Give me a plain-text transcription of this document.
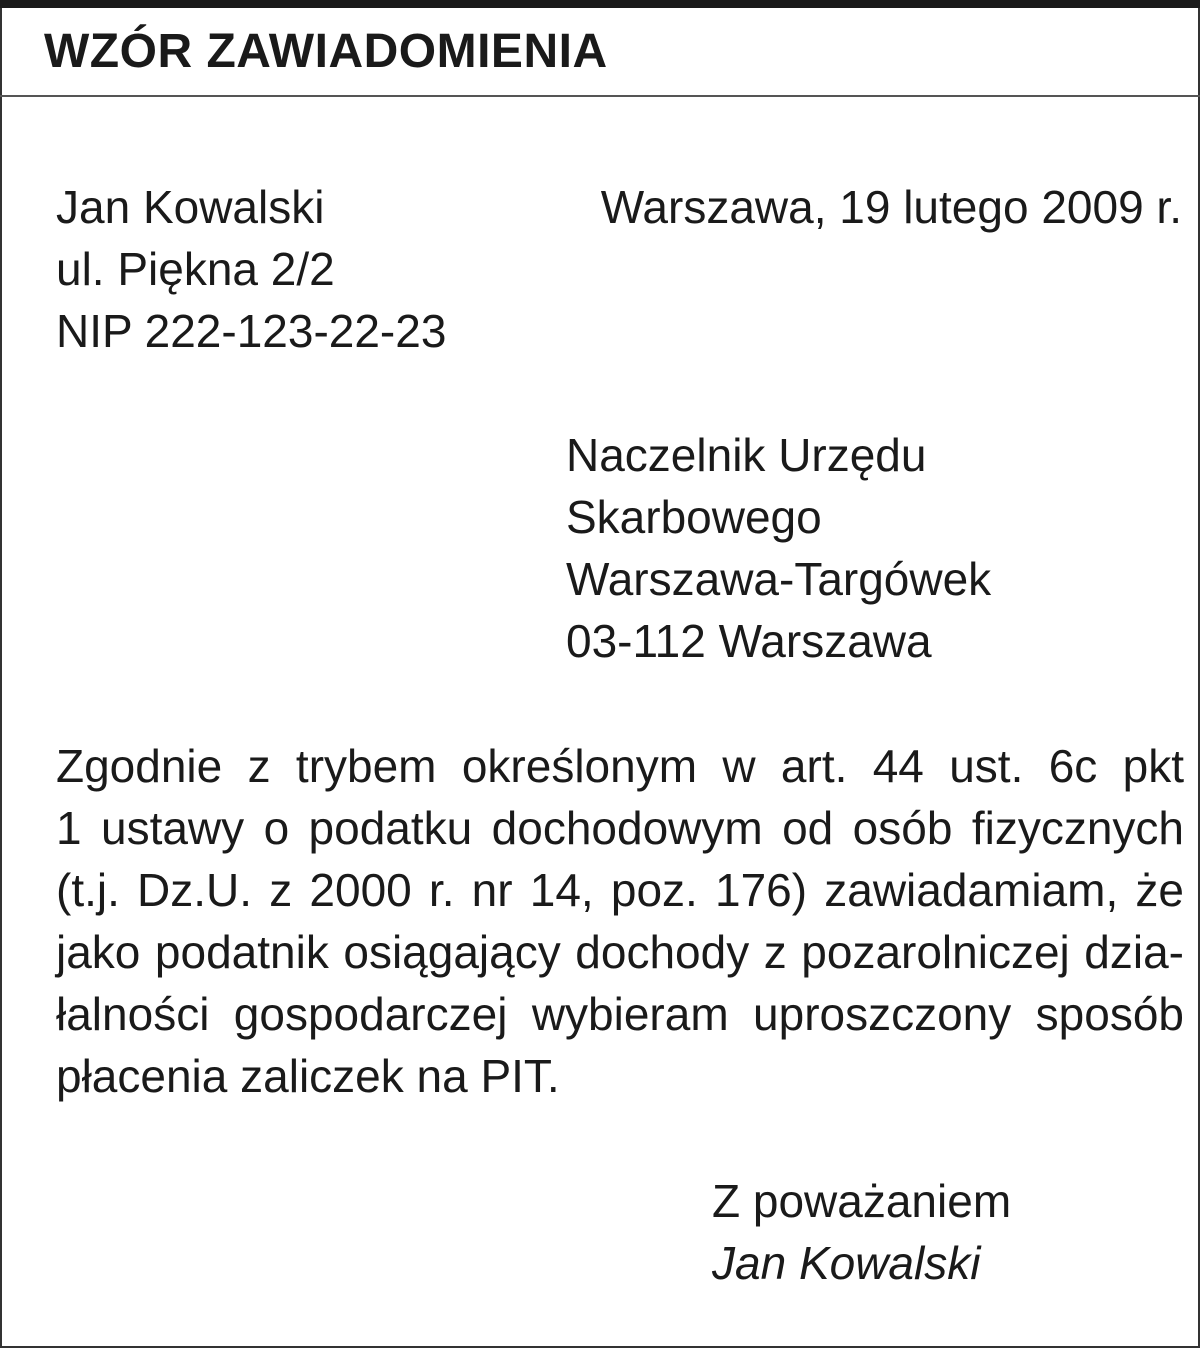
WZÓR ZAWIADOMIENIA
Jan Kowalski
ul. Piękna 2/2
NIP 222-123-22-23
Warszawa, 19 lutego 2009 r.
Naczelnik Urzędu
Skarbowego
Warszawa-Targówek
03-112 Warszawa
Zgodnie z trybem określonym w art. 44 ust. 6c pkt
1 ustawy o podatku dochodowym od osób fizycznych
(t.j. Dz.U. z 2000 r. nr 14, poz. 176) zawiadamiam, że
jako podatnik osiągający dochody z pozarolniczej dzia-
łalności gospodarczej wybieram uproszczony sposób
płacenia zaliczek na PIT.
Z poważaniem
Jan Kowalski
